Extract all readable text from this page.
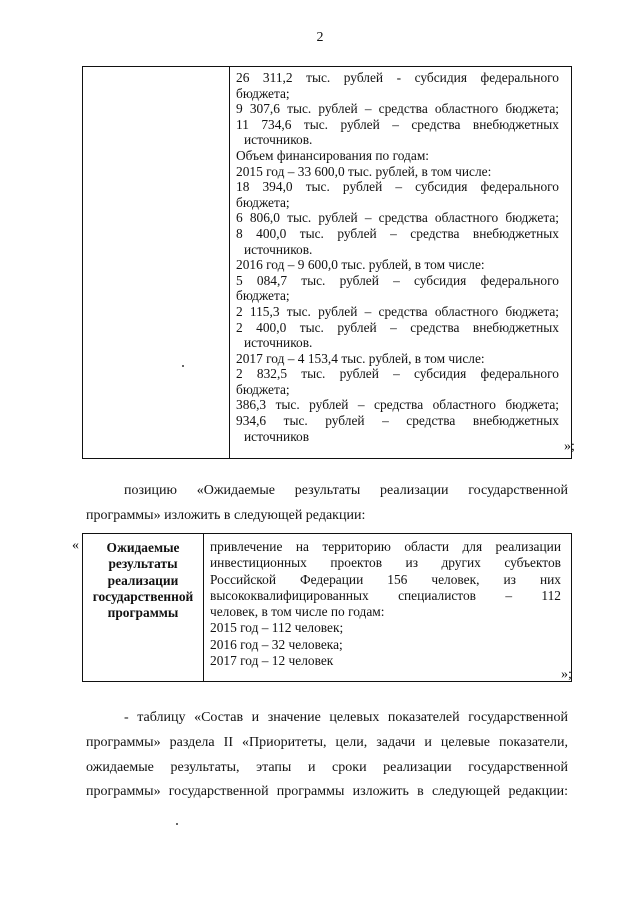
2

26 311,2 тыс. рублей - субсидия федерального
бюджета;
9 307,6 тыс. рублей – средства областного бюджета;
11 734,6 тыс. рублей – средства внебюджетных
источников.
Объем финансирования по годам:
2015 год – 33 600,0 тыс. рублей, в том числе:
18 394,0 тыс. рублей – субсидия федерального
бюджета;
6 806,0 тыс. рублей – средства областного бюджета;
8 400,0 тыс. рублей – средства внебюджетных
источников.
2016 год – 9 600,0 тыс. рублей, в том числе:
5 084,7 тыс. рублей – субсидия федерального
бюджета;
2 115,3 тыс. рублей – средства областного бюджета;
2 400,0 тыс. рублей – средства внебюджетных
источников.
2017 год – 4 153,4 тыс. рублей, в том числе:
2 832,5 тыс. рублей – субсидия федерального
бюджета;
386,3 тыс. рублей – средства областного бюджета;
934,6 тыс. рублей – средства внебюджетных
источников
»;
позицию «Ожидаемые результаты реализации государственной
программы» изложить в следующей редакции:
«	Ожидаемые
результаты
реализации
государственной
программы

привлечение на территорию области для реализации
инвестиционных проектов из других субъектов
Российской Федерации 156 человек, из них
высококвалифицированных специалистов – 112
человек, в том числе по годам:
2015 год – 112 человек;
2016 год – 32 человека;
2017 год – 12 человек
»;
- таблицу «Состав и значение целевых показателей государственной
программы» раздела II «Приоритеты, цели, задачи и целевые показатели,
ожидаемые результаты, этапы и сроки реализации государственной
программы» государственной программы изложить в следующей редакции:
